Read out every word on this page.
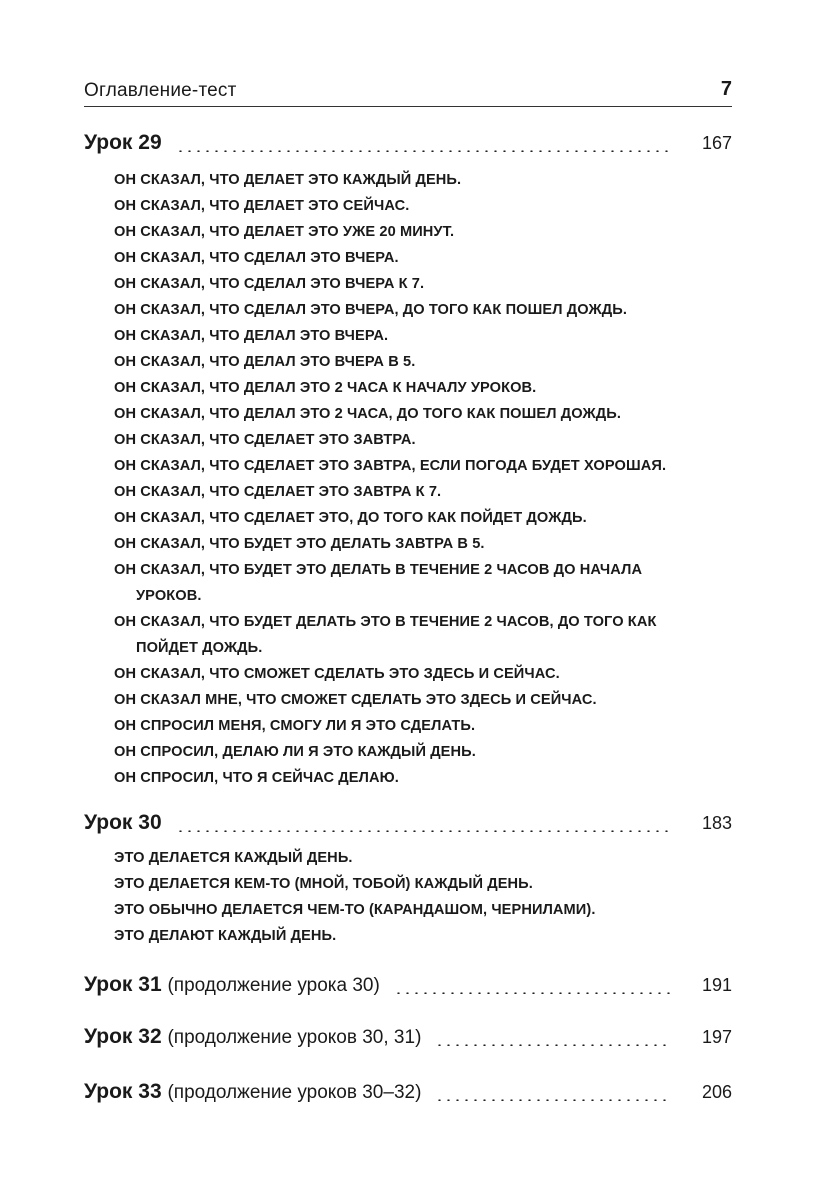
Оглавление-тест	7
Урок 29	167
ОН СКАЗАЛ, ЧТО ДЕЛАЕТ ЭТО КАЖДЫЙ ДЕНЬ.
ОН СКАЗАЛ, ЧТО ДЕЛАЕТ ЭТО СЕЙЧАС.
ОН СКАЗАЛ, ЧТО ДЕЛАЕТ ЭТО УЖЕ 20 МИНУТ.
ОН СКАЗАЛ, ЧТО СДЕЛАЛ ЭТО ВЧЕРА.
ОН СКАЗАЛ, ЧТО СДЕЛАЛ ЭТО ВЧЕРА К 7.
ОН СКАЗАЛ, ЧТО СДЕЛАЛ ЭТО ВЧЕРА, ДО ТОГО КАК ПОШЕЛ ДОЖДЬ.
ОН СКАЗАЛ, ЧТО ДЕЛАЛ ЭТО ВЧЕРА.
ОН СКАЗАЛ, ЧТО ДЕЛАЛ ЭТО ВЧЕРА В 5.
ОН СКАЗАЛ, ЧТО ДЕЛАЛ ЭТО 2 ЧАСА К НАЧАЛУ УРОКОВ.
ОН СКАЗАЛ, ЧТО ДЕЛАЛ ЭТО 2 ЧАСА, ДО ТОГО КАК ПОШЕЛ ДОЖДЬ.
ОН СКАЗАЛ, ЧТО СДЕЛАЕТ ЭТО ЗАВТРА.
ОН СКАЗАЛ, ЧТО СДЕЛАЕТ ЭТО ЗАВТРА, ЕСЛИ ПОГОДА БУДЕТ ХОРОШАЯ.
ОН СКАЗАЛ, ЧТО СДЕЛАЕТ ЭТО ЗАВТРА К 7.
ОН СКАЗАЛ, ЧТО СДЕЛАЕТ ЭТО, ДО ТОГО КАК ПОЙДЕТ ДОЖДЬ.
ОН СКАЗАЛ, ЧТО БУДЕТ ЭТО ДЕЛАТЬ ЗАВТРА В 5.
ОН СКАЗАЛ, ЧТО БУДЕТ ЭТО ДЕЛАТЬ В ТЕЧЕНИЕ 2 ЧАСОВ ДО НАЧАЛА УРОКОВ.
ОН СКАЗАЛ, ЧТО БУДЕТ ДЕЛАТЬ ЭТО В ТЕЧЕНИЕ 2 ЧАСОВ, ДО ТОГО КАК ПОЙДЕТ ДОЖДЬ.
ОН СКАЗАЛ, ЧТО СМОЖЕТ СДЕЛАТЬ ЭТО ЗДЕСЬ И СЕЙЧАС.
ОН СКАЗАЛ МНЕ, ЧТО СМОЖЕТ СДЕЛАТЬ ЭТО ЗДЕСЬ И СЕЙЧАС.
ОН СПРОСИЛ МЕНЯ, СМОГУ ЛИ Я ЭТО СДЕЛАТЬ.
ОН СПРОСИЛ, ДЕЛАЮ ЛИ Я ЭТО КАЖДЫЙ ДЕНЬ.
ОН СПРОСИЛ, ЧТО Я СЕЙЧАС ДЕЛАЮ.
Урок 30	183
ЭТО ДЕЛАЕТСЯ КАЖДЫЙ ДЕНЬ.
ЭТО ДЕЛАЕТСЯ КЕМ-ТО (МНОЙ, ТОБОЙ) КАЖДЫЙ ДЕНЬ.
ЭТО ОБЫЧНО ДЕЛАЕТСЯ ЧЕМ-ТО (КАРАНДАШОМ, ЧЕРНИЛАМИ).
ЭТО ДЕЛАЮТ КАЖДЫЙ ДЕНЬ.
Урок 31 (продолжение урока 30)	191
Урок 32 (продолжение уроков 30, 31)	197
Урок 33 (продолжение уроков 30–32)	206
